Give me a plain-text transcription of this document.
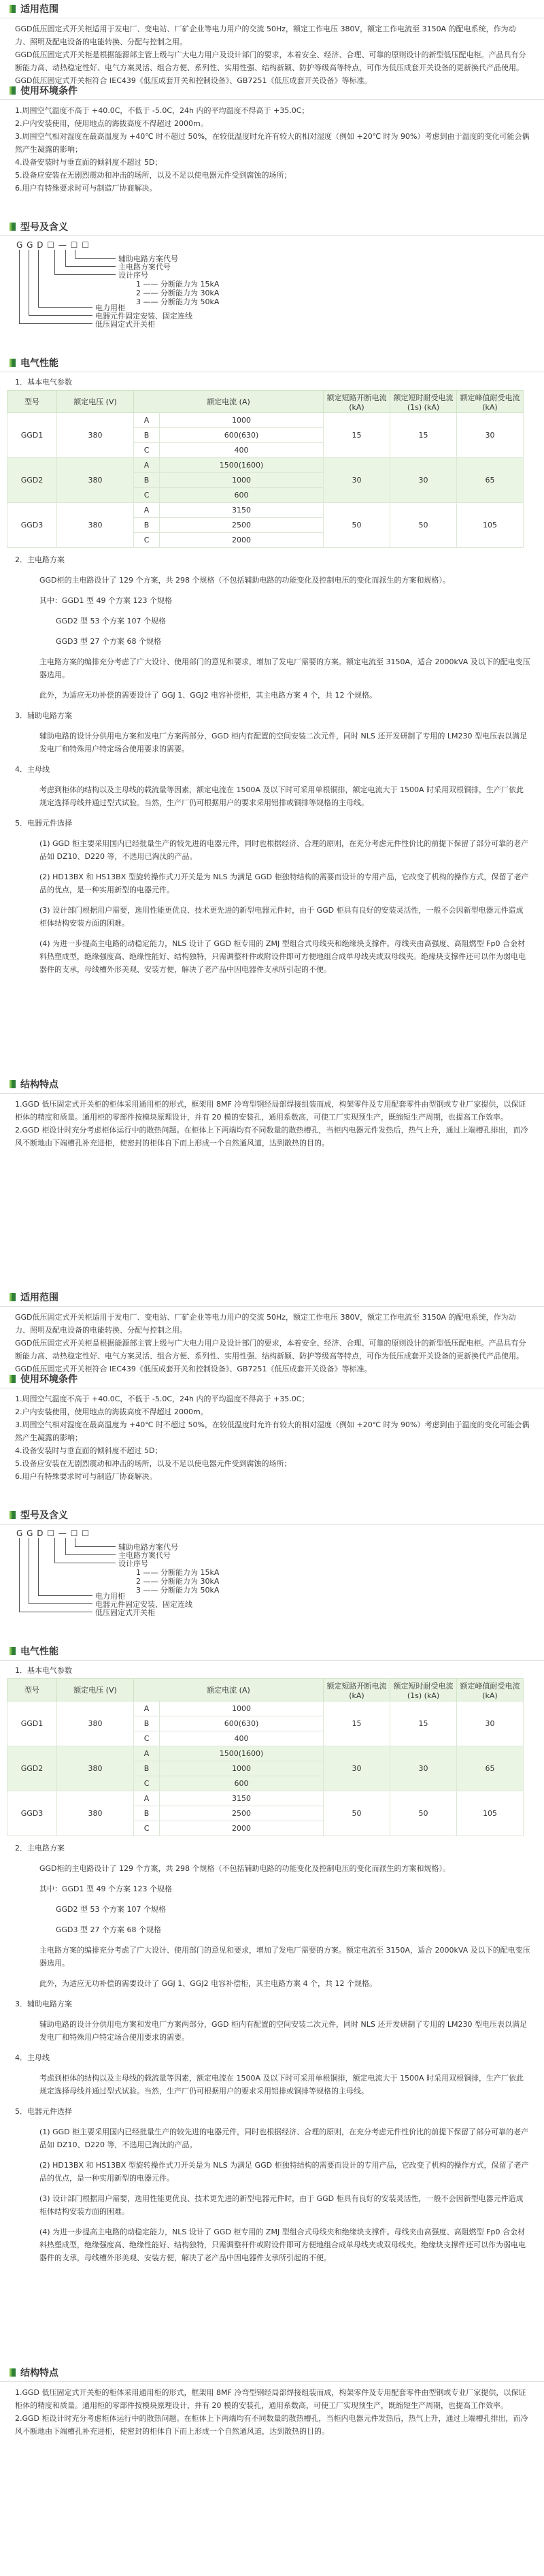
适用范围

GGD低压固定式开关柜适用于发电厂、变电站、厂矿企业等电力用户的交流 50Hz，额定工作电压 380V，额定工作电流至 3150A 的配电系统，作为动力、照明及配电设备的电能转换、分配与控制之用。

GGD低压固定式开关柜是根据能源部主管上级与广大电力用户及设计部门的要求，本着安全、经济、合理、可靠的原则设计的新型低压配电柜。产品具有分断能力高、动热稳定性好、电气方案灵活、组合方便、系列性、实用性强、结构新颖、防护等级高等特点，可作为低压成套开关设备的更新换代产品使用。

GGD低压固定式开关柜符合 IEC439《低压成套开关和控制设备》、GB7251《低压成套开关设备》等标准。

使用环境条件

1.周围空气温度不高于 +40.0C，不低于 -5.0C，24h 内的平均温度不得高于 +35.0C；

2.户内安装使用，使用地点的海拔高度不得超过 2000m。

3.周围空气相对湿度在最高温度为 +40℃ 时不超过 50%，在较低温度时允许有较大的相对湿度（例如 +20℃ 时为 90%）考虑到由于温度的变化可能会偶然产生凝露的影响；

4.设备安装时与垂直面的倾斜度不超过 5D；

5.设备应安装在无剧烈震动和冲击的场所，以及不足以使电器元件受到腐蚀的场所；

6.用户有特殊要求时可与制造厂协商解决。

型号及含义
G G D ☐ — ☐ ☐
辅助电路方案代号
主电路方案代号
设计序号
1 —— 分断能力为 15kA
2 —— 分断能力为 30kA
3 —— 分断能力为 50kA
电力用柜
电器元件固定安装、固定连线
低压固定式开关柜
电气性能
1．基本电气参数
型号	额定电压 (V)	额定电流 (A)		额定短路开断电流 (kA)	额定短时耐受电流 (1s) (kA)	额定峰值耐受电流 (kA)
GGD1	380	A	1000	15	15	30
		B	600(630)			
		C	400			
GGD2	380	A	1500(1600)	30	30	65
		B	1000			
		C	600			
GGD3	380	A	3150	50	50	105
		B	2500			
		C	2000			

2．主电路方案

GGD柜的主电路设计了 129 个方案，共 298 个规格（不包括辅助电路的功能变化及控制电压的变化而派生的方案和规格）。

其中：GGD1 型 49 个方案 123 个规格

GGD2 型 53 个方案 107 个规格

GGD3 型 27 个方案 68 个规格

主电路方案的编排充分考虑了广大设计、使用部门的意见和要求，增加了发电厂需要的方案。额定电流至 3150A，适合 2000kVA 及以下的配电变压器选用。

此外，为适应无功补偿的需要设计了 GGJ 1、GGJ2 电容补偿柜，其主电路方案 4 个，共 12 个规格。

3．辅助电路方案

辅助电路的设计分供用电方案和发电厂方案两部分，GGD 柜内有配置的空间安装二次元件，同时 NLS 还开发研制了专用的 LM230 型电压表以满足发电厂和特殊用户特定场合使用要求的需要。

4．主母线

考虑到柜体的结构以及主母线的载流量等因素，额定电流在 1500A 及以下时可采用单根铜排，额定电流大于 1500A 时采用双根铜排，生产厂依此规定选择母线并通过型式试验。当然，生产厂仍可根据用户的要求采用铝排或铜排等规格的主母线。

5．电器元件选择

(1) GGD 柜主要采用国内已经批量生产的较先进的电器元件，同时也根据经济、合理的原则，在充分考虑元件性价比的前提下保留了部分可靠的老产品如 DZ10、D220 等，不选用已淘汰的产品。

(2) HD13BX 和 HS13BX 型旋转操作式刀开关是为 NLS 为满足 GGD 柜独特结构的需要而设计的专用产品，它改变了机构的操作方式，保留了老产品的优点，是一种实用新型的电器元件。

(3) 设计部门根据用户需要，选用性能更优良、技术更先进的新型电器元件时，由于 GGD 柜具有良好的安装灵活性，一般不会因新型电器元件造成柜体结构安装方面的困难。

(4) 为进一步提高主电路的动稳定能力，NLS 设计了 GGD 柜专用的 ZMJ 型组合式母线夹和绝缘块支撑件。母线夹由高强度、高阻燃型 Fp0 合金材料热塑成型，绝缘强度高、绝缘性能好、结构独特，只需调整杆件或附设件即可方便地组合成单母线夹或双母线夹。绝缘块支撑件还可以作为弱电电器件的支承，母线槽外形美观、安装方便，解决了老产品中因电器件支承所引起的不便。

结构特点

1.GGD 低压固定式开关柜的柜体采用通用柜的形式，框架用 8MF 冷弯型钢经局部焊接组装而成，构架零件及专用配套零件由型钢或专业厂家提供，以保证柜体的精度和质量。通用柜的零部件按模块原理设计，并有 20 模的安装孔，通用系数高，可使工厂实现预生产，既缩短生产周期，也提高工作效率。

2.GGD 柜设计时充分考虑柜体运行中的散热问题。在柜体上下两端均有不同数量的散热槽孔，当柜内电器元件发热后，热气上升，通过上端槽孔排出，而冷风不断地由下端槽孔补充进柜，使密封的柜体自下而上形成一个自然通风道，达到散热的目的。

适用范围

GGD低压固定式开关柜适用于发电厂、变电站、厂矿企业等电力用户的交流 50Hz，额定工作电压 380V，额定工作电流至 3150A 的配电系统，作为动力、照明及配电设备的电能转换、分配与控制之用。

GGD低压固定式开关柜是根据能源部主管上级与广大电力用户及设计部门的要求，本着安全、经济、合理、可靠的原则设计的新型低压配电柜。产品具有分断能力高、动热稳定性好、电气方案灵活、组合方便、系列性、实用性强、结构新颖、防护等级高等特点，可作为低压成套开关设备的更新换代产品使用。

GGD低压固定式开关柜符合 IEC439《低压成套开关和控制设备》、GB7251《低压成套开关设备》等标准。

使用环境条件

1.周围空气温度不高于 +40.0C，不低于 -5.0C，24h 内的平均温度不得高于 +35.0C；

2.户内安装使用，使用地点的海拔高度不得超过 2000m。

3.周围空气相对湿度在最高温度为 +40℃ 时不超过 50%，在较低温度时允许有较大的相对湿度（例如 +20℃ 时为 90%）考虑到由于温度的变化可能会偶然产生凝露的影响；

4.设备安装时与垂直面的倾斜度不超过 5D；

5.设备应安装在无剧烈震动和冲击的场所，以及不足以使电器元件受到腐蚀的场所；

6.用户有特殊要求时可与制造厂协商解决。

型号及含义
G G D ☐ — ☐ ☐
辅助电路方案代号
主电路方案代号
设计序号
1 —— 分断能力为 15kA
2 —— 分断能力为 30kA
3 —— 分断能力为 50kA
电力用柜
电器元件固定安装、固定连线
低压固定式开关柜
电气性能
1．基本电气参数
型号	额定电压 (V)	额定电流 (A)		额定短路开断电流 (kA)	额定短时耐受电流 (1s) (kA)	额定峰值耐受电流 (kA)
GGD1	380	A	1000	15	15	30
		B	600(630)			
		C	400			
GGD2	380	A	1500(1600)	30	30	65
		B	1000			
		C	600			
GGD3	380	A	3150	50	50	105
		B	2500			
		C	2000			

2．主电路方案

GGD柜的主电路设计了 129 个方案，共 298 个规格（不包括辅助电路的功能变化及控制电压的变化而派生的方案和规格）。

其中：GGD1 型 49 个方案 123 个规格

GGD2 型 53 个方案 107 个规格

GGD3 型 27 个方案 68 个规格

主电路方案的编排充分考虑了广大设计、使用部门的意见和要求，增加了发电厂需要的方案。额定电流至 3150A，适合 2000kVA 及以下的配电变压器选用。

此外，为适应无功补偿的需要设计了 GGJ 1、GGJ2 电容补偿柜，其主电路方案 4 个，共 12 个规格。

3．辅助电路方案

辅助电路的设计分供用电方案和发电厂方案两部分，GGD 柜内有配置的空间安装二次元件，同时 NLS 还开发研制了专用的 LM230 型电压表以满足发电厂和特殊用户特定场合使用要求的需要。

4．主母线

考虑到柜体的结构以及主母线的载流量等因素，额定电流在 1500A 及以下时可采用单根铜排，额定电流大于 1500A 时采用双根铜排，生产厂依此规定选择母线并通过型式试验。当然，生产厂仍可根据用户的要求采用铝排或铜排等规格的主母线。

5．电器元件选择

(1) GGD 柜主要采用国内已经批量生产的较先进的电器元件，同时也根据经济、合理的原则，在充分考虑元件性价比的前提下保留了部分可靠的老产品如 DZ10、D220 等，不选用已淘汰的产品。

(2) HD13BX 和 HS13BX 型旋转操作式刀开关是为 NLS 为满足 GGD 柜独特结构的需要而设计的专用产品，它改变了机构的操作方式，保留了老产品的优点，是一种实用新型的电器元件。

(3) 设计部门根据用户需要，选用性能更优良、技术更先进的新型电器元件时，由于 GGD 柜具有良好的安装灵活性，一般不会因新型电器元件造成柜体结构安装方面的困难。

(4) 为进一步提高主电路的动稳定能力，NLS 设计了 GGD 柜专用的 ZMJ 型组合式母线夹和绝缘块支撑件。母线夹由高强度、高阻燃型 Fp0 合金材料热塑成型，绝缘强度高、绝缘性能好、结构独特，只需调整杆件或附设件即可方便地组合成单母线夹或双母线夹。绝缘块支撑件还可以作为弱电电器件的支承，母线槽外形美观、安装方便，解决了老产品中因电器件支承所引起的不便。

结构特点

1.GGD 低压固定式开关柜的柜体采用通用柜的形式，框架用 8MF 冷弯型钢经局部焊接组装而成，构架零件及专用配套零件由型钢或专业厂家提供，以保证柜体的精度和质量。通用柜的零部件按模块原理设计，并有 20 模的安装孔，通用系数高，可使工厂实现预生产，既缩短生产周期，也提高工作效率。

2.GGD 柜设计时充分考虑柜体运行中的散热问题。在柜体上下两端均有不同数量的散热槽孔，当柜内电器元件发热后，热气上升，通过上端槽孔排出，而冷风不断地由下端槽孔补充进柜，使密封的柜体自下而上形成一个自然通风道，达到散热的目的。
